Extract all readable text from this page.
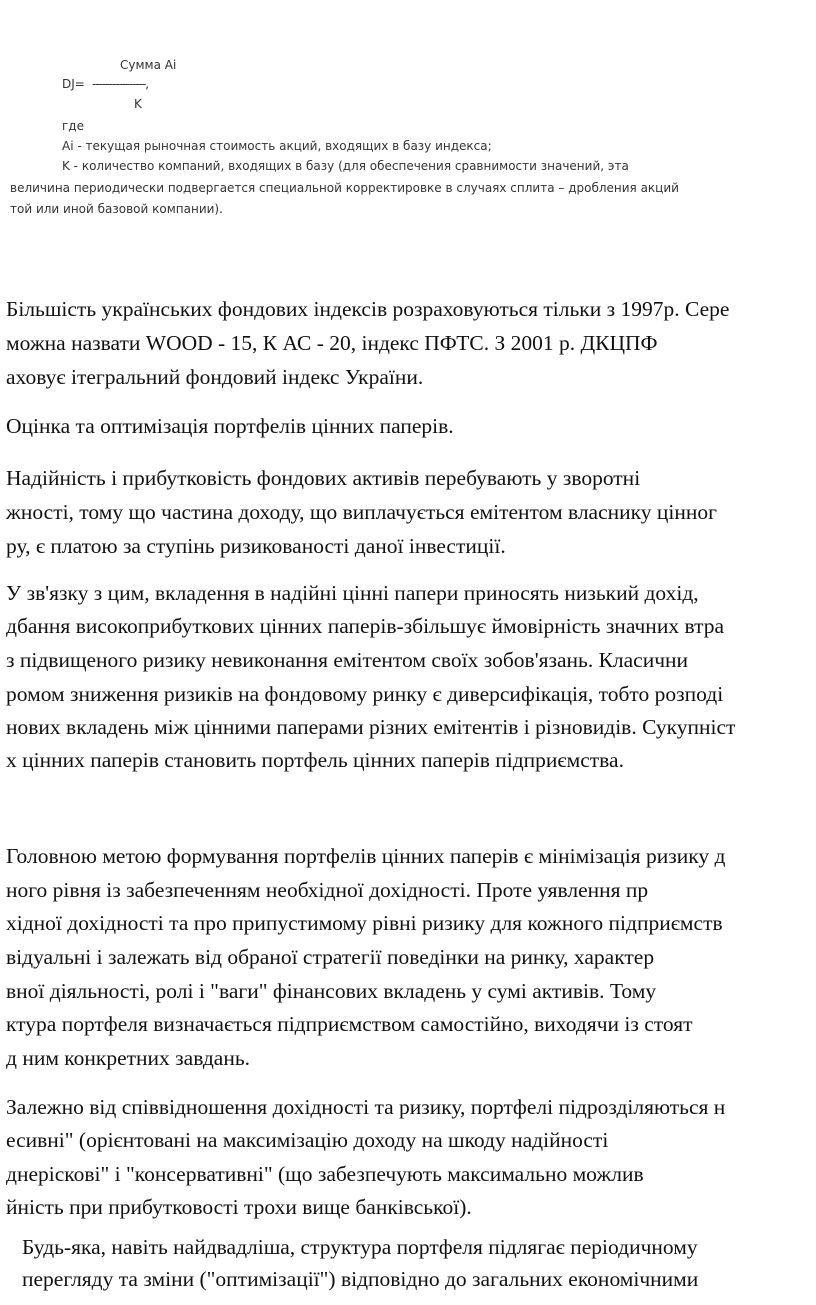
Сумма Ai
DJ= ----------------,
K
где
Ai - текущая рыночная стоимость акций, входящих в базу индекса;
K - количество компаний, входящих в базу (для обеспечения сравнимости значений, эта
величина периодически подвергается специальной корректировке в случаях сплита – дробления акций
той или иной базовой компании).
Більшість українських фондових індексів розраховуються тільки з 1997р. Сере
можна назвати WOOD - 15, К АС - 20, індекс ПФТС. З 2001 р. ДКЦПФ
аховує ітегральний фондовий індекс України.
Оцінка та оптимізація портфелів цінних паперів.
Надійність і прибутковість фондових активів перебувають у зворотні
жності, тому що частина доходу, що виплачується емітентом власнику цінног
ру, є платою за ступінь ризикованості даної інвестиції.
У зв'язку з цим, вкладення в надійні цінні папери приносять низький дохід,
дбання високоприбуткових цінних паперів-збільшує ймовірність значних втра
з підвищеного ризику невиконання емітентом своїх зобов'язань. Класични
ромом зниження ризиків на фондовому ринку є диверсифікація, тобто розподі
нових вкладень між цінними паперами різних емітентів і різновидів. Сукупніст
х цінних паперів становить портфель цінних паперів підприємства.
Головною метою формування портфелів цінних паперів є мінімізація ризику д
ного рівня із забезпеченням необхідної дохідності. Проте уявлення пр
хідної дохідності та про припустимому рівні ризику для кожного підприємств
відуальні і залежать від обраної стратегії поведінки на ринку, характер
вної діяльності, ролі і "ваги" фінансових вкладень у сумі активів. Тому
ктура портфеля визначається підприємством самостійно, виходячи із стоят
д ним конкретних завдань.
Залежно від співвідношення дохідності та ризику, портфелі підрозділяються н
есивні" (орієнтовані на максимізацію доходу на шкоду надійності
днеріскові" і "консервативні" (що забезпечують максимально можлив
йність при прибутковості трохи вище банківської).
Будь-яка, навіть найдвадліша, структура портфеля підлягає періодичному
перегляду та зміни ("оптимізації") відповідно до загальних економічними
